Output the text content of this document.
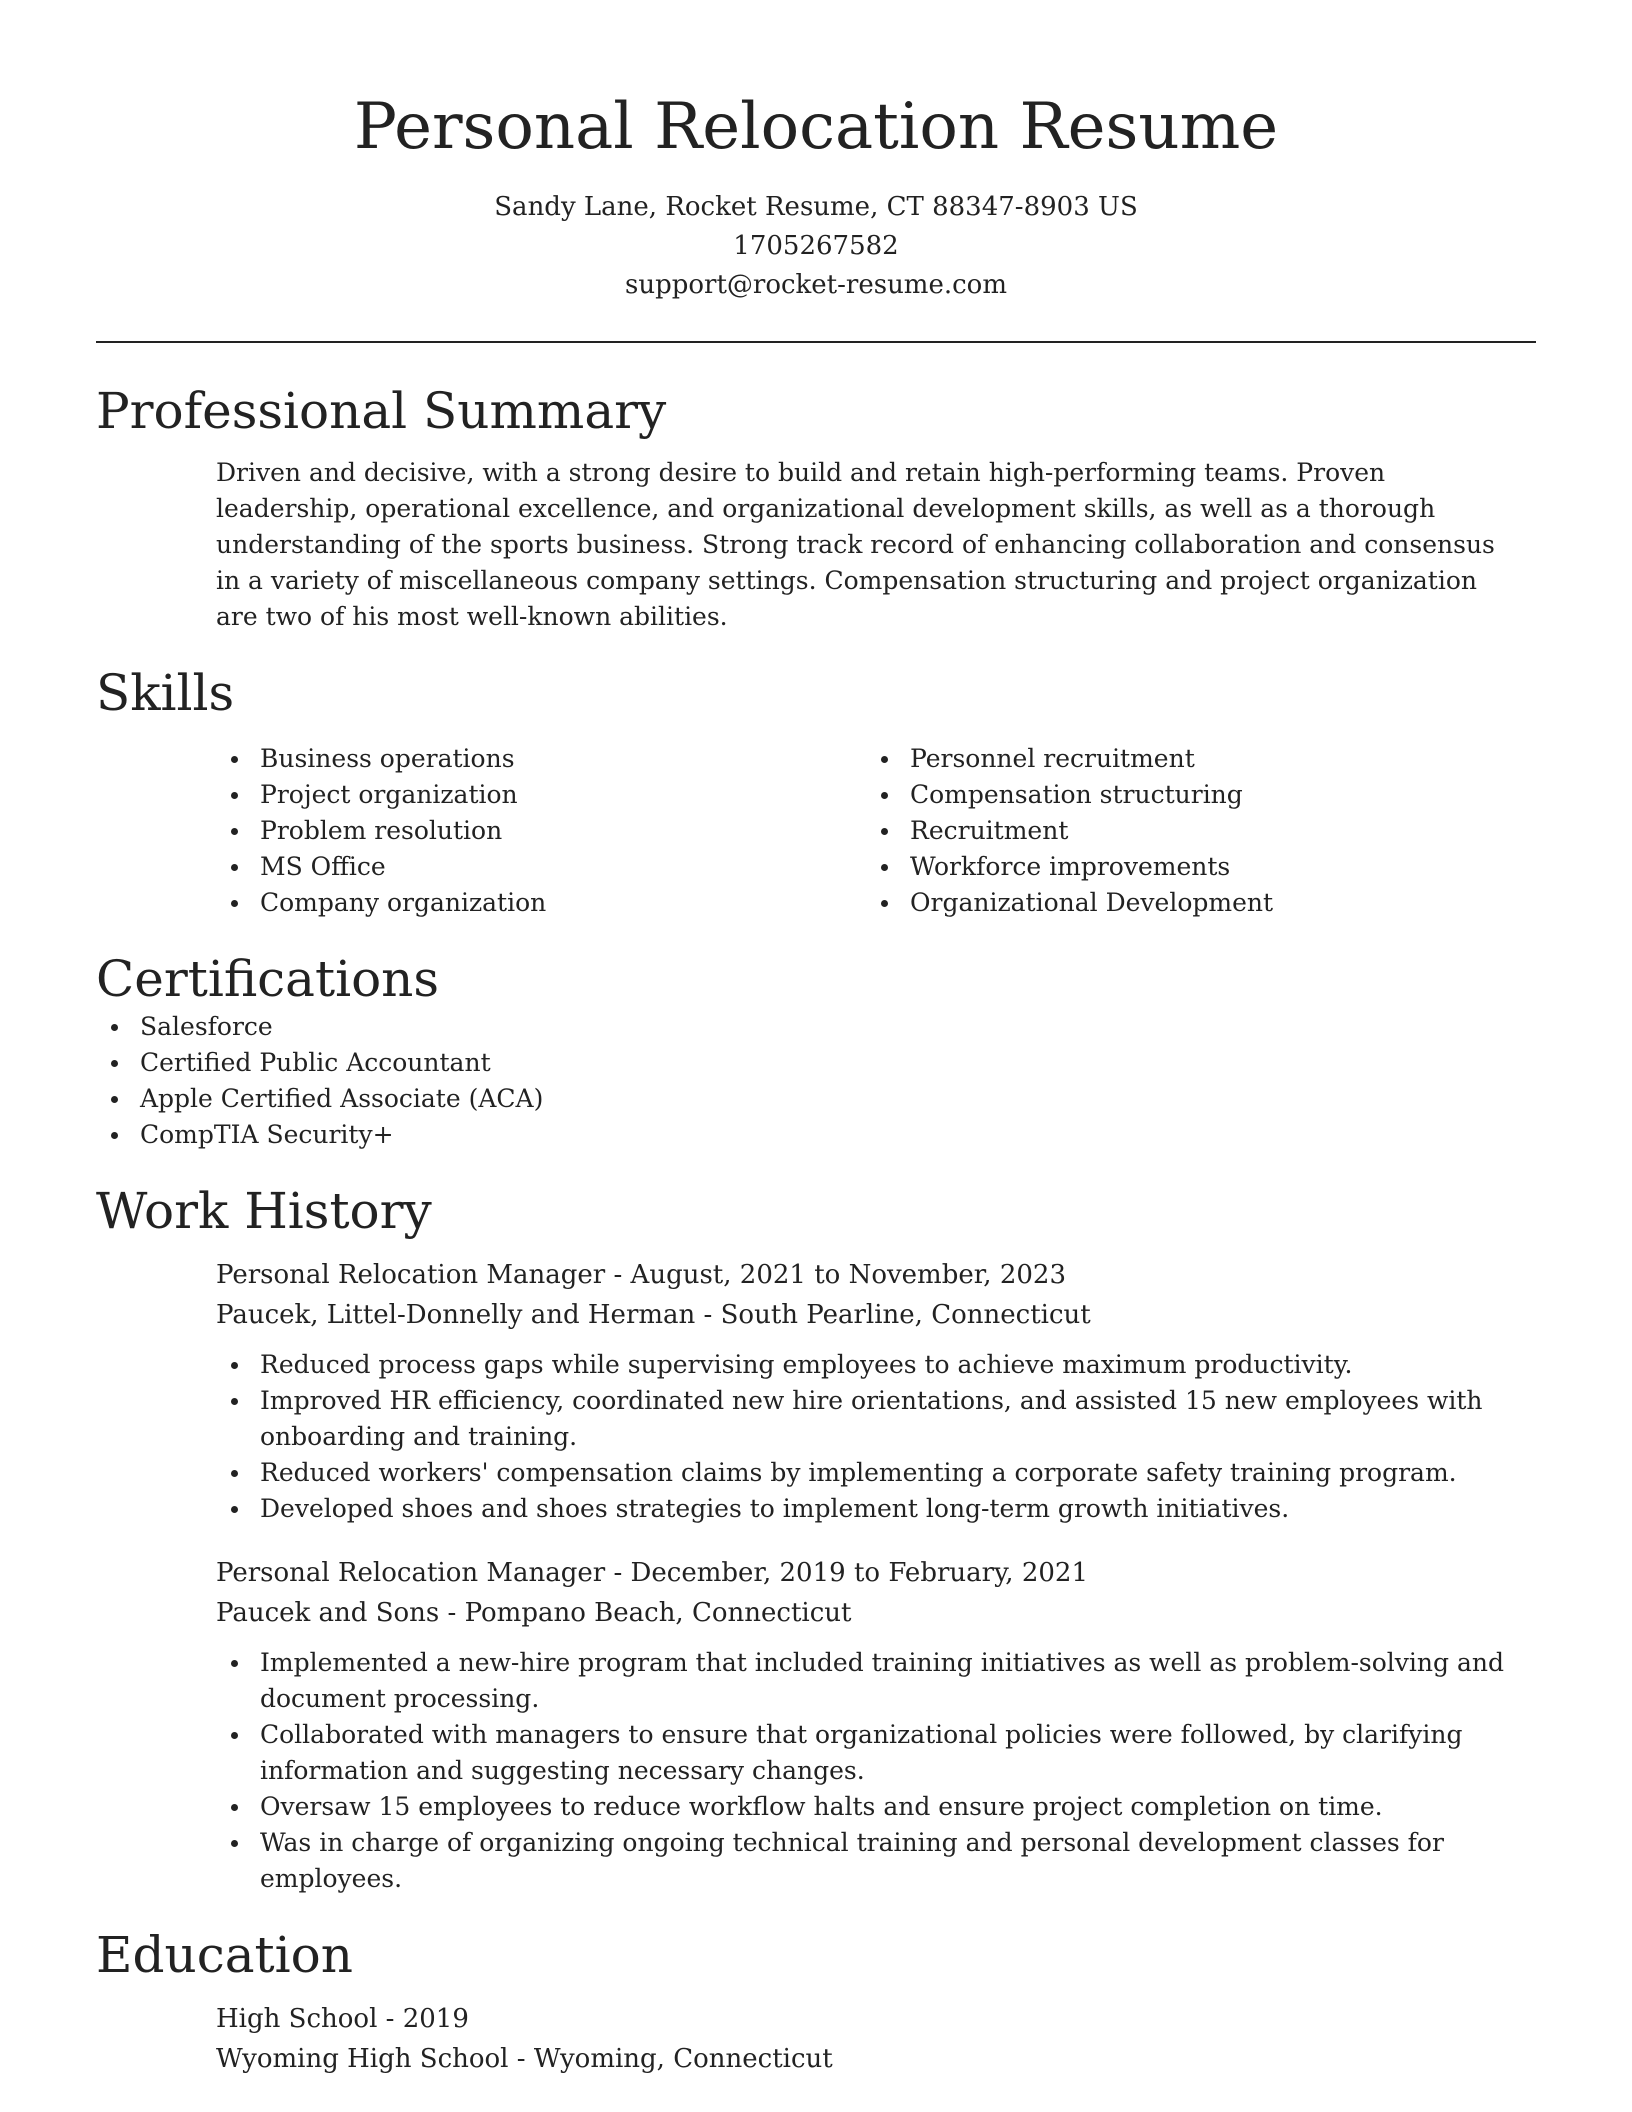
Personal Relocation Resume
Sandy Lane, Rocket Resume, CT 88347-8903 US
1705267582
support@rocket-resume.com
Professional Summary

Driven and decisive, with a strong desire to build and retain high-performing teams. Proven leadership, operational excellence, and organizational development skills, as well as a thorough understanding of the sports business. Strong track record of enhancing collaboration and consensus in a variety of miscellaneous company settings. Compensation structuring and project organization are two of his most well-known abilities.

Skills
Business operations
Project organization
Problem resolution
MS Office
Company organization
Personnel recruitment
Compensation structuring
Recruitment
Workforce improvements
Organizational Development
Certifications
Salesforce
Certified Public Accountant
Apple Certified Associate (ACA)
CompTIA Security+
Work History
Personal Relocation Manager - August, 2021 to November, 2023
Paucek, Littel-Donnelly and Herman - South Pearline, Connecticut
Reduced process gaps while supervising employees to achieve maximum productivity.
Improved HR efficiency, coordinated new hire orientations, and assisted 15 new employees with onboarding and training.
Reduced workers' compensation claims by implementing a corporate safety training program.
Developed shoes and shoes strategies to implement long-term growth initiatives.
Personal Relocation Manager - December, 2019 to February, 2021
Paucek and Sons - Pompano Beach, Connecticut
Implemented a new-hire program that included training initiatives as well as problem-solving and document processing.
Collaborated with managers to ensure that organizational policies were followed, by clarifying information and suggesting necessary changes.
Oversaw 15 employees to reduce workflow halts and ensure project completion on time.
Was in charge of organizing ongoing technical training and personal development classes for employees.
Education
High School - 2019
Wyoming High School - Wyoming, Connecticut
